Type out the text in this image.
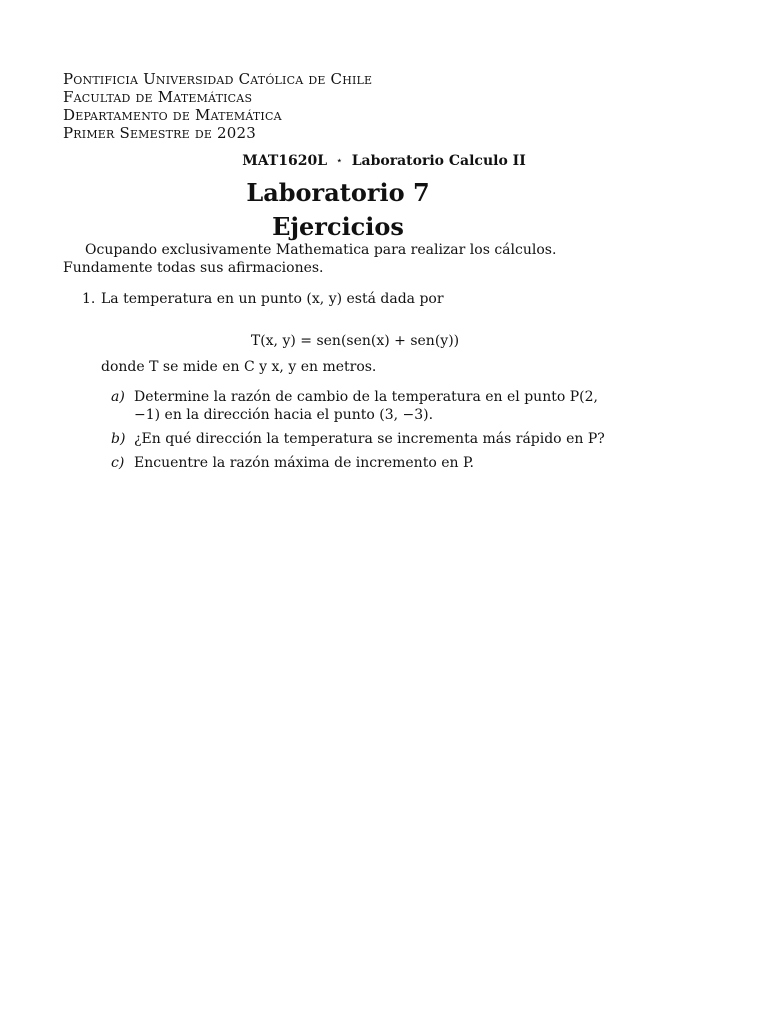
Pontificia Universidad Católica de Chile
Facultad de Matemáticas
Departamento de Matemática
Primer Semestre de 2023
MAT1620L ⋆ Laboratorio Calculo II
Laboratorio 7
Ejercicios
Ocupando exclusivamente Mathematica para realizar los cálculos. Fundamente todas sus afirmaciones.
1. La temperatura en un punto (x, y) está dada por
T(x, y) = sen(sen(x) + sen(y))
donde T se mide en C y x, y en metros.
a) Determine la razón de cambio de la temperatura en el punto P(2, −1) en la dirección hacia el punto (3, −3).
b) ¿En qué dirección la temperatura se incrementa más rápido en P?
c) Encuentre la razón máxima de incremento en P.
